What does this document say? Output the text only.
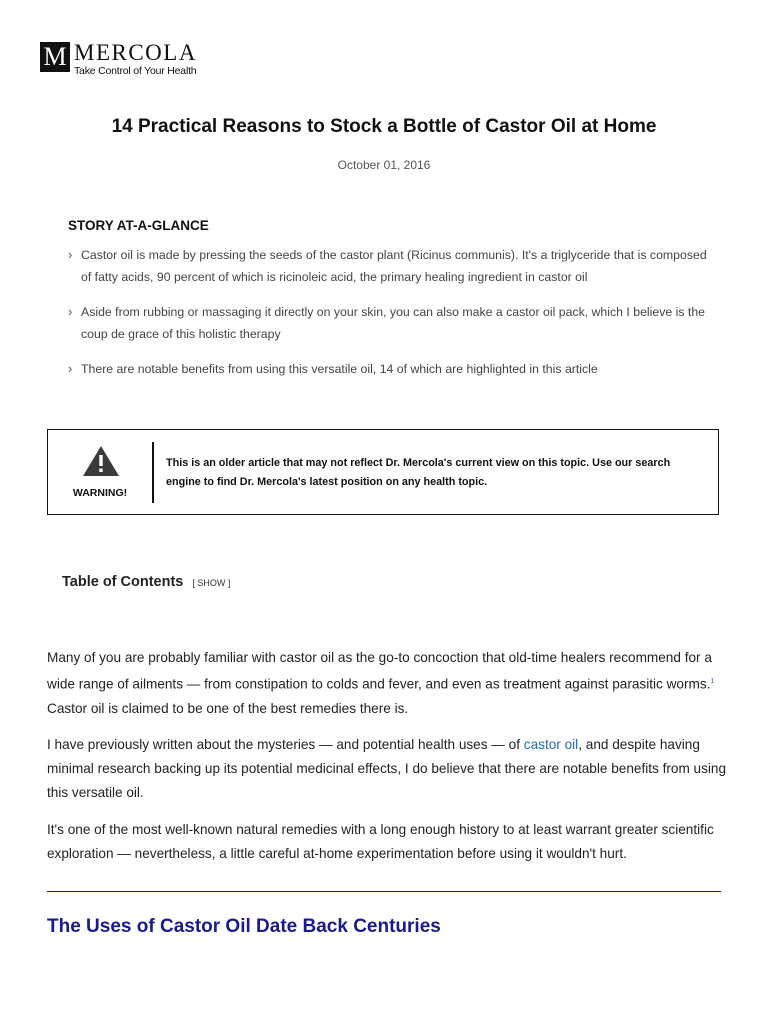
M MERCOLA
Take Control of Your Health
14 Practical Reasons to Stock a Bottle of Castor Oil at Home
October 01, 2016
STORY AT-A-GLANCE
› Castor oil is made by pressing the seeds of the castor plant (Ricinus communis). It's a triglyceride that is composed of fatty acids, 90 percent of which is ricinoleic acid, the primary healing ingredient in castor oil
› Aside from rubbing or massaging it directly on your skin, you can also make a castor oil pack, which I believe is the coup de grace of this holistic therapy
› There are notable benefits from using this versatile oil, 14 of which are highlighted in this article
WARNING!
This is an older article that may not reflect Dr. Mercola's current view on this topic. Use our search engine to find Dr. Mercola's latest position on any health topic.
Table of Contents [ SHOW ]

Many of you are probably familiar with castor oil as the go-to concoction that old-time healers recommend for a wide range of ailments — from constipation to colds and fever, and even as treatment against parasitic worms.$^1$ Castor oil is claimed to be one of the best remedies there is.

I have previously written about the mysteries — and potential health uses — of castor oil, and despite having minimal research backing up its potential medicinal effects, I do believe that there are notable benefits from using this versatile oil.

It's one of the most well-known natural remedies with a long enough history to at least warrant greater scientific exploration — nevertheless, a little careful at-home experimentation before using it wouldn't hurt.

The Uses of Castor Oil Date Back Centuries
